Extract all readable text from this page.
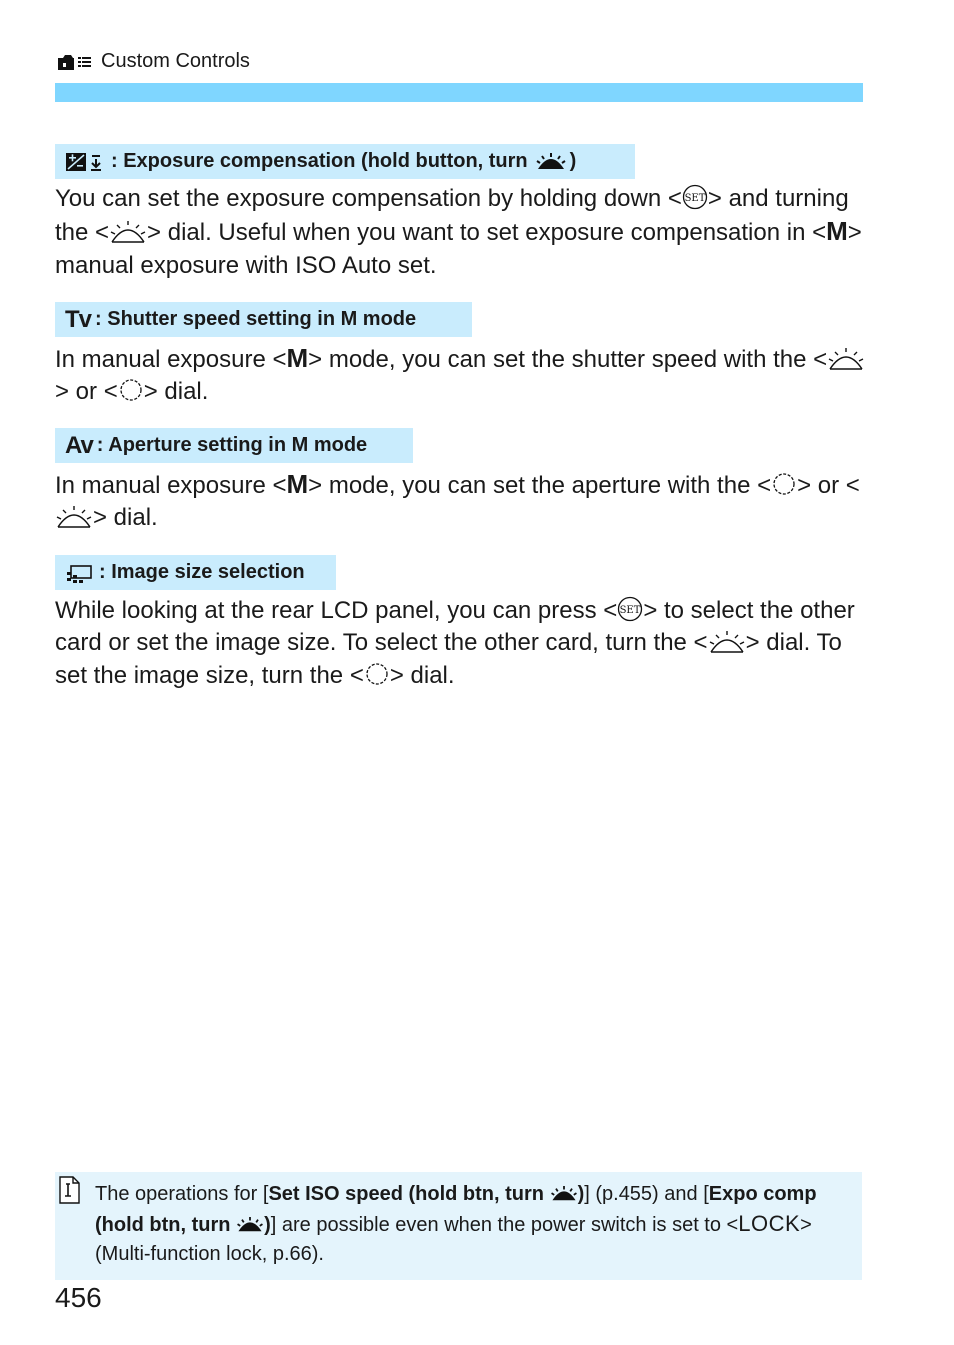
Custom Controls
: Exposure compensation (hold button, turn )
You can set the exposure compensation by holding down < SET > and turning the < > dial. Useful when you want to set exposure compensation in <M> manual exposure with ISO Auto set.
Tv : Shutter speed setting in M mode
In manual exposure <M> mode, you can set the shutter speed with the <> or < > dial.
Av : Aperture setting in M mode
In manual exposure <M> mode, you can set the aperture with the < > or <> dial.
: Image size selection
While looking at the rear LCD panel, you can press < SET > to select the other card or set the image size. To select the other card, turn the < > dial. To set the image size, turn the < > dial.
The operations for [Set ISO speed (hold btn, turn )] (p.455) and [Expo comp (hold btn, turn )] are possible even when the power switch is set to <LOCK> (Multi-function lock, p.66).
456
